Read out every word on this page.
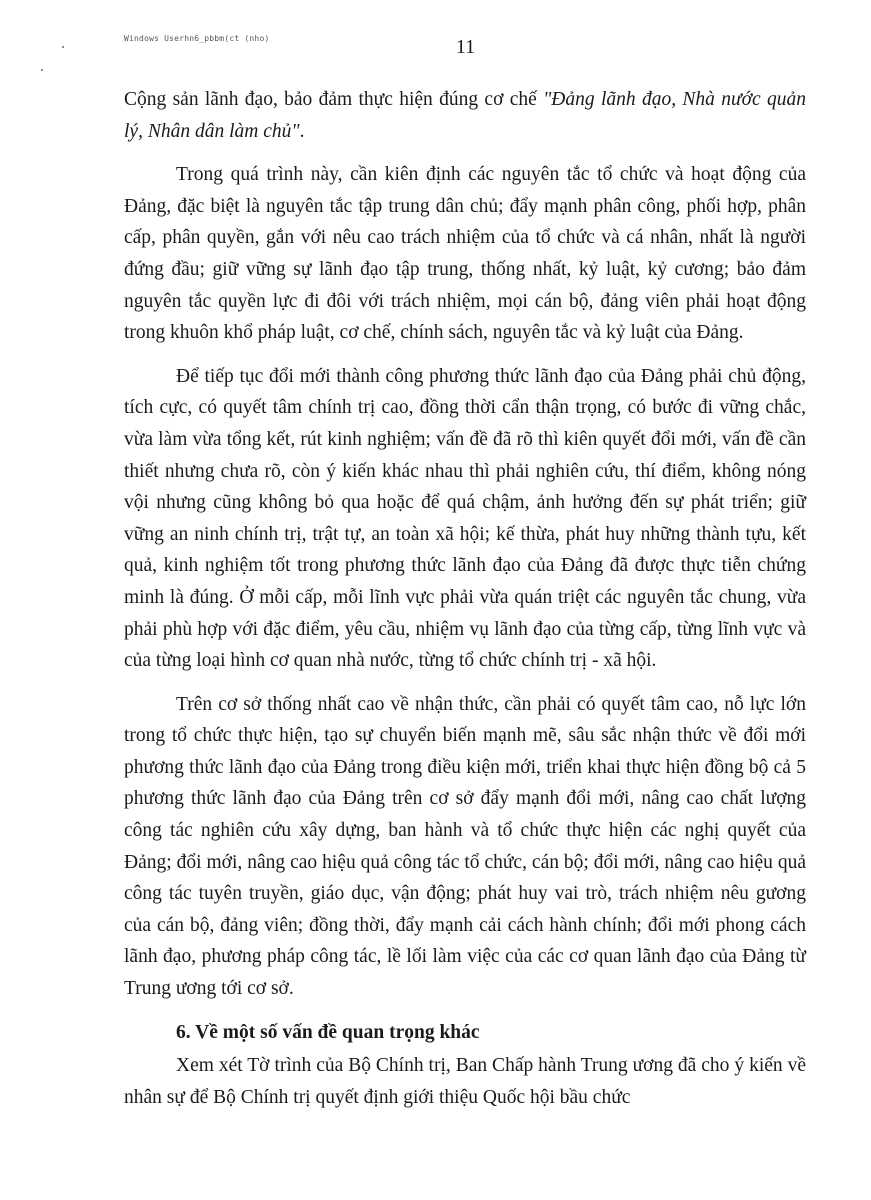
Windows Userhn6_pbbm(ct (nho)	11

Cộng sản lãnh đạo, bảo đảm thực hiện đúng cơ chế "Đảng lãnh đạo, Nhà nước quản lý, Nhân dân làm chủ".

Trong quá trình này, cần kiên định các nguyên tắc tổ chức và hoạt động của Đảng, đặc biệt là nguyên tắc tập trung dân chủ; đẩy mạnh phân công, phối hợp, phân cấp, phân quyền, gắn với nêu cao trách nhiệm của tổ chức và cá nhân, nhất là người đứng đầu; giữ vững sự lãnh đạo tập trung, thống nhất, kỷ luật, kỷ cương; bảo đảm nguyên tắc quyền lực đi đôi với trách nhiệm, mọi cán bộ, đảng viên phải hoạt động trong khuôn khổ pháp luật, cơ chế, chính sách, nguyên tắc và kỷ luật của Đảng.

Để tiếp tục đổi mới thành công phương thức lãnh đạo của Đảng phải chủ động, tích cực, có quyết tâm chính trị cao, đồng thời cẩn thận trọng, có bước đi vững chắc, vừa làm vừa tổng kết, rút kinh nghiệm; vấn đề đã rõ thì kiên quyết đổi mới, vấn đề cần thiết nhưng chưa rõ, còn ý kiến khác nhau thì phải nghiên cứu, thí điểm, không nóng vội nhưng cũng không bỏ qua hoặc để quá chậm, ảnh hưởng đến sự phát triển; giữ vững an ninh chính trị, trật tự, an toàn xã hội; kế thừa, phát huy những thành tựu, kết quả, kinh nghiệm tốt trong phương thức lãnh đạo của Đảng đã được thực tiễn chứng minh là đúng. Ở mỗi cấp, mỗi lĩnh vực phải vừa quán triệt các nguyên tắc chung, vừa phải phù hợp với đặc điểm, yêu cầu, nhiệm vụ lãnh đạo của từng cấp, từng lĩnh vực và của từng loại hình cơ quan nhà nước, từng tổ chức chính trị - xã hội.

Trên cơ sở thống nhất cao về nhận thức, cần phải có quyết tâm cao, nỗ lực lớn trong tổ chức thực hiện, tạo sự chuyển biến mạnh mẽ, sâu sắc nhận thức về đổi mới phương thức lãnh đạo của Đảng trong điều kiện mới, triển khai thực hiện đồng bộ cả 5 phương thức lãnh đạo của Đảng trên cơ sở đẩy mạnh đổi mới, nâng cao chất lượng công tác nghiên cứu xây dựng, ban hành và tổ chức thực hiện các nghị quyết của Đảng; đổi mới, nâng cao hiệu quả công tác tổ chức, cán bộ; đổi mới, nâng cao hiệu quả công tác tuyên truyền, giáo dục, vận động; phát huy vai trò, trách nhiệm nêu gương của cán bộ, đảng viên; đồng thời, đẩy mạnh cải cách hành chính; đổi mới phong cách lãnh đạo, phương pháp công tác, lề lối làm việc của các cơ quan lãnh đạo của Đảng từ Trung ương tới cơ sở.

6. Về một số vấn đề quan trọng khác

Xem xét Tờ trình của Bộ Chính trị, Ban Chấp hành Trung ương đã cho ý kiến về nhân sự để Bộ Chính trị quyết định giới thiệu Quốc hội bầu chức
